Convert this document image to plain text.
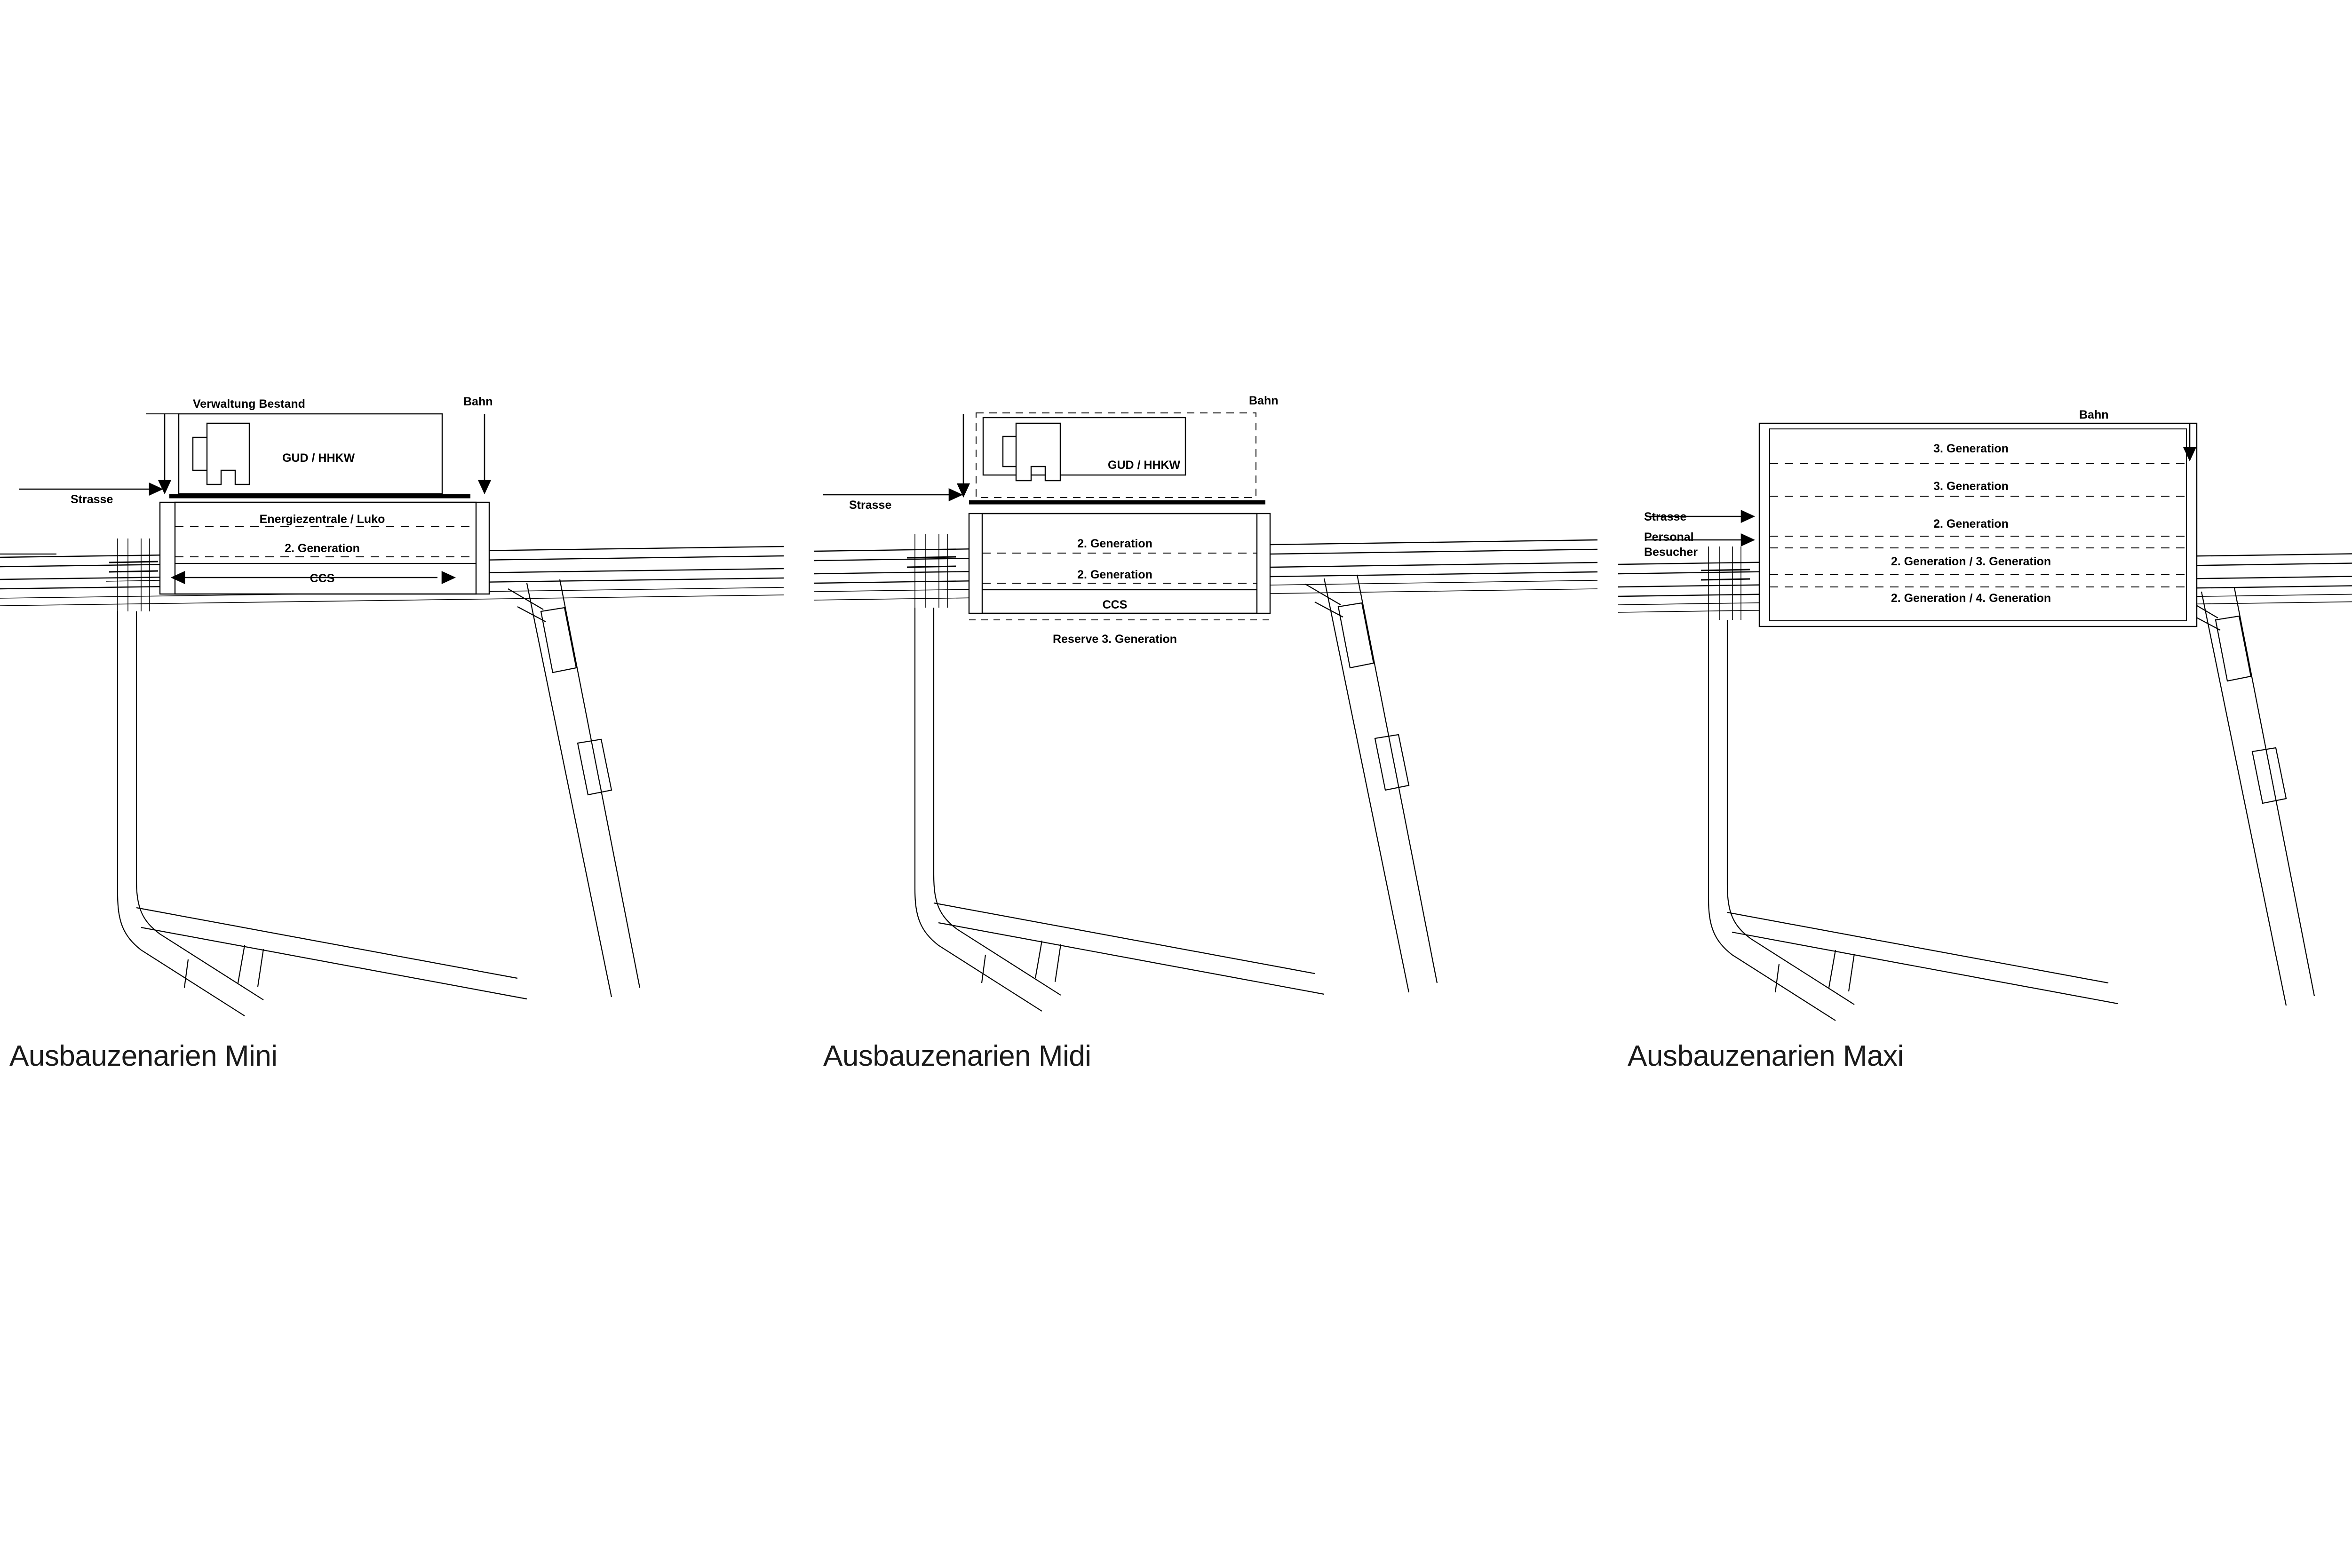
Verwaltung Bestand	Bahn
GUD / HHKW
Strasse
Energiezentrale / Luko
2. Generation
CCS
Ausbauzenarien Mini
Bahn
GUD / HHKW
Strasse
2. Generation
2. Generation
CCS
Reserve 3. Generation
Ausbauzenarien Midi
Bahn
3. Generation
3. Generation
Strasse
2. Generation
Personal
Besucher
2. Generation / 3. Generation
2. Generation / 4. Generation
Ausbauzenarien Maxi
